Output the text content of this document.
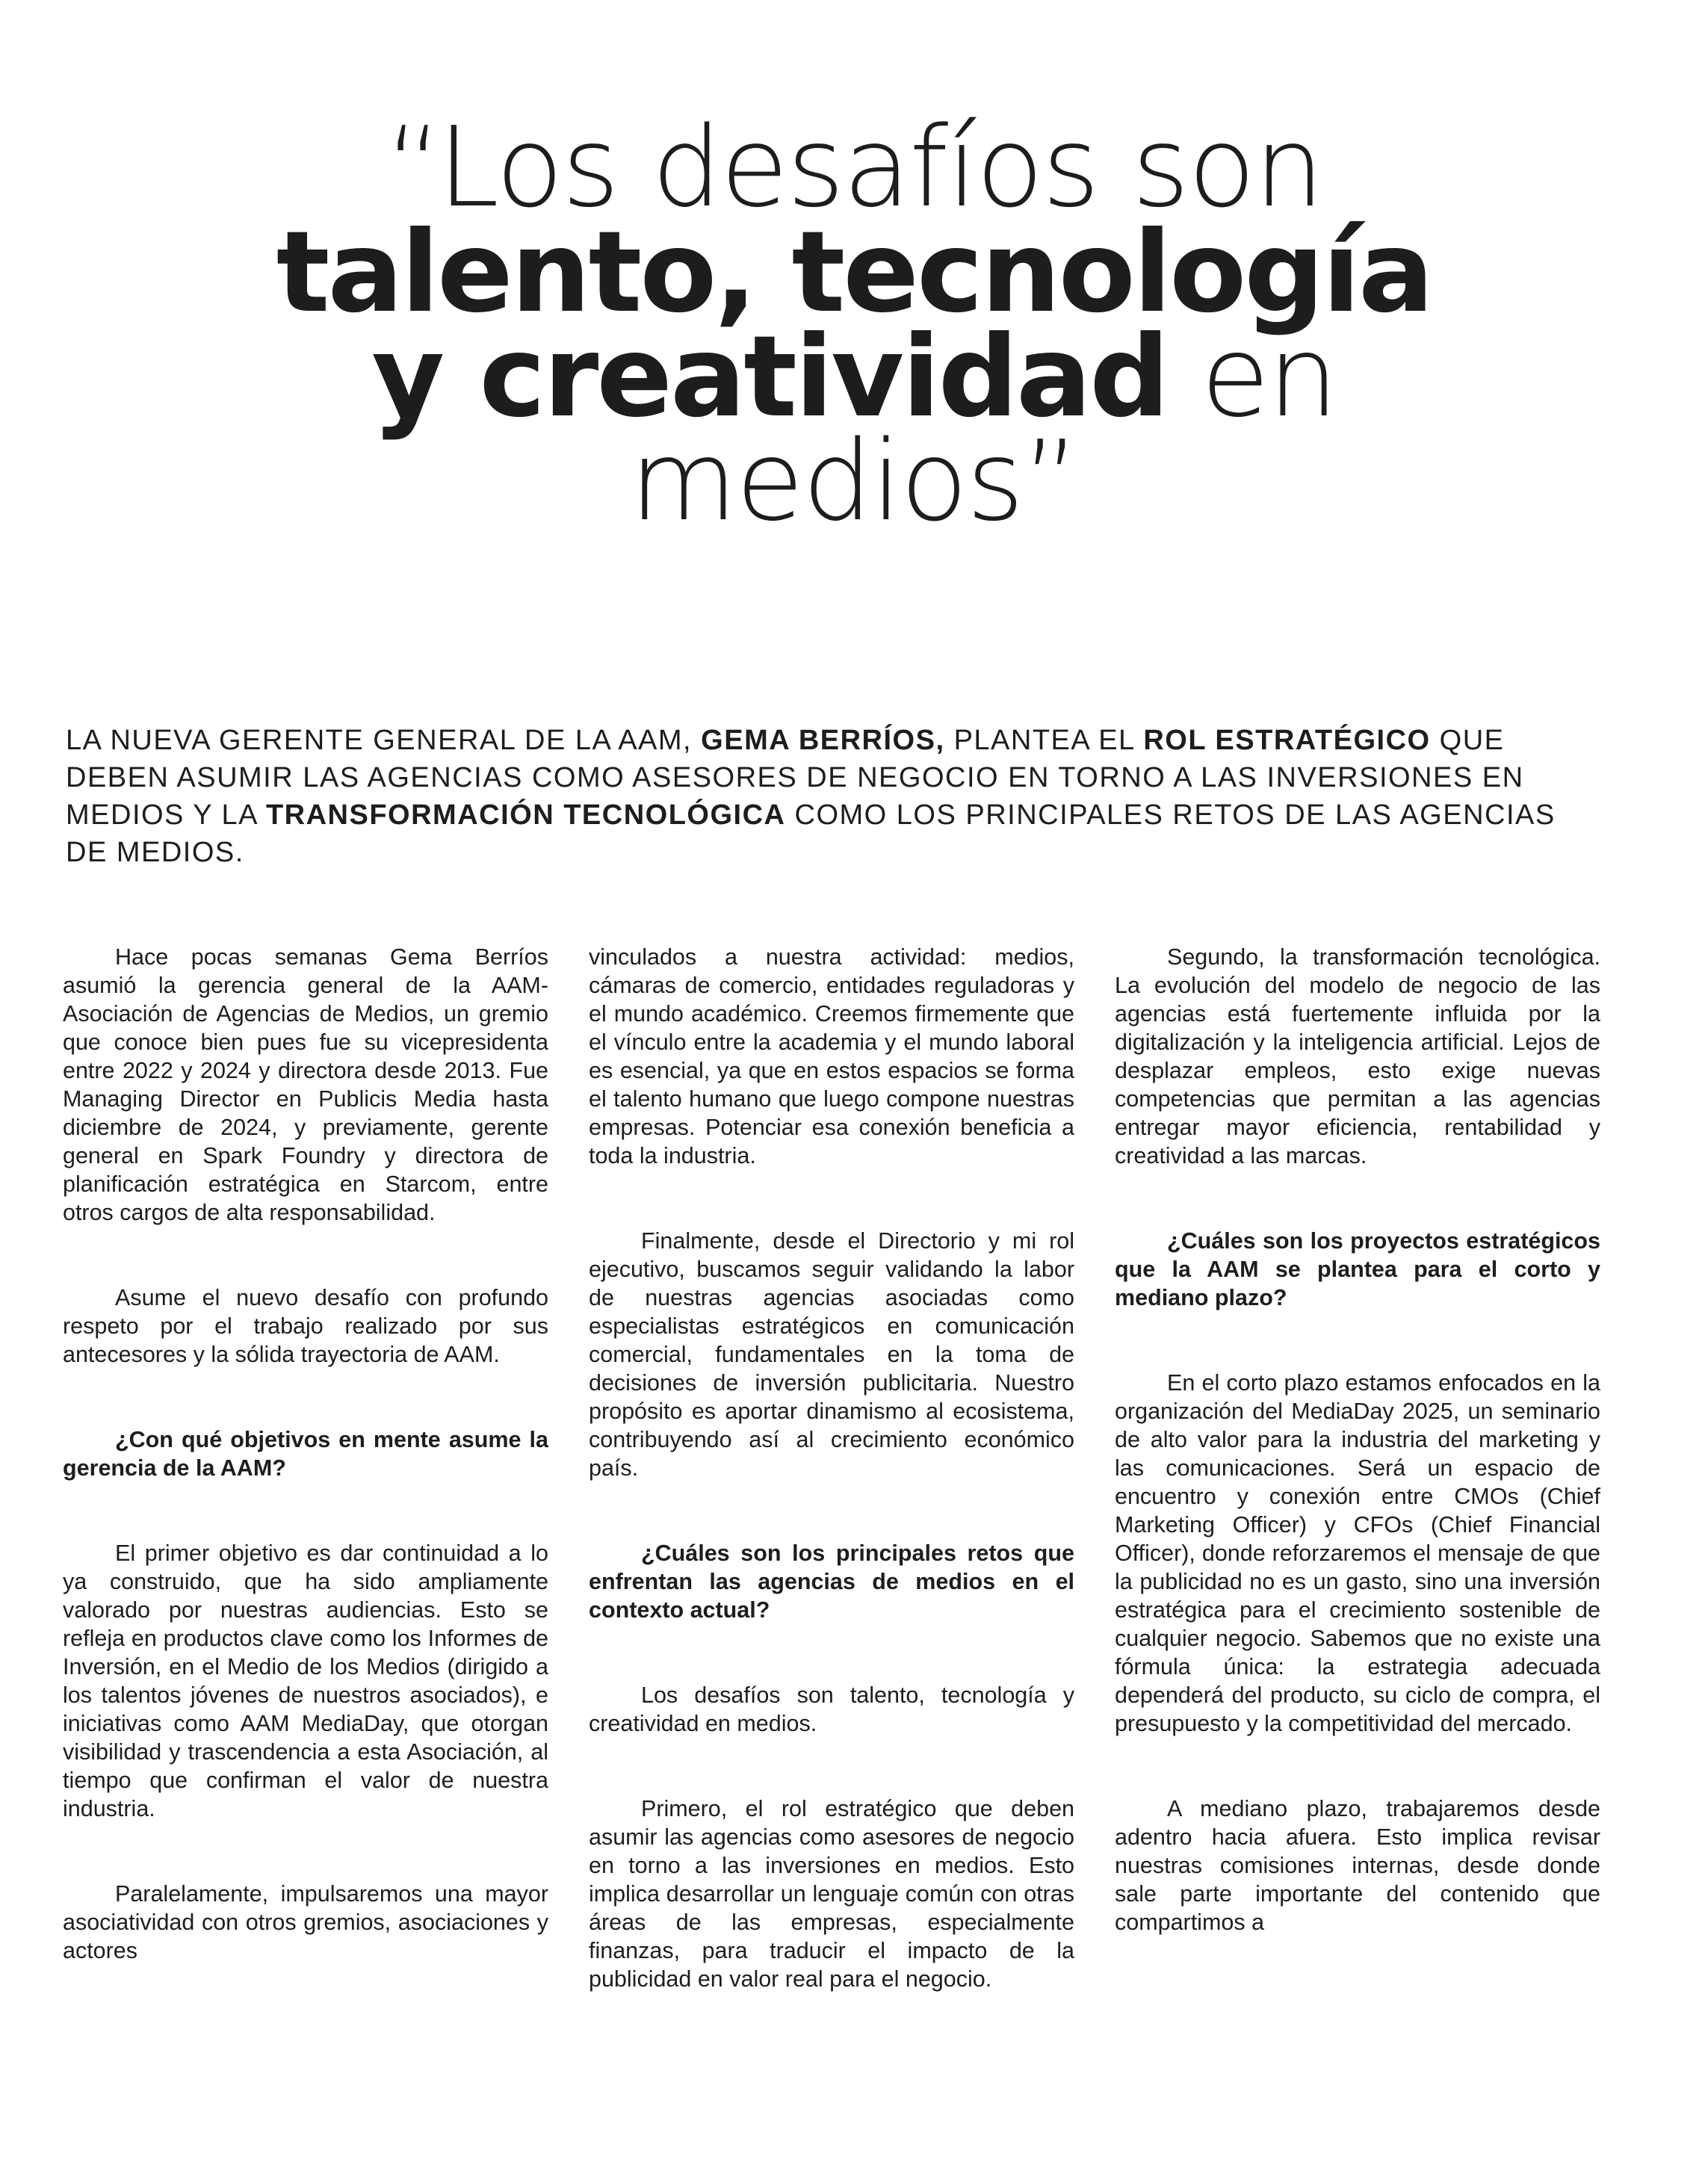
“Los desafíos son
talento, tecnología
y creatividad en
medios”
LA NUEVA GERENTE GENERAL DE LA AAM, GEMA BERRÍOS, PLANTEA EL ROL ESTRATÉGICO QUE DEBEN ASUMIR LAS AGENCIAS COMO ASESORES DE NEGOCIO EN TORNO A LAS INVERSIONES EN MEDIOS Y LA TRANSFORMACIÓN TECNOLÓGICA COMO LOS PRINCIPALES RETOS DE LAS AGENCIAS DE MEDIOS.

Hace pocas semanas Gema Berríos asumió la gerencia general de la AAM-Asociación de Agencias de Medios, un gremio que conoce bien pues fue su vicepresidenta entre 2022 y 2024 y directora desde 2013. Fue Managing Director en Publicis Media hasta diciembre de 2024, y previamente, gerente general en Spark Foundry y directora de planificación estratégica en Starcom, entre otros cargos de alta responsabilidad.

Asume el nuevo desafío con profundo respeto por el trabajo realizado por sus antecesores y la sólida trayectoria de AAM.

¿Con qué objetivos en mente asume la gerencia de la AAM?

El primer objetivo es dar continuidad a lo ya construido, que ha sido ampliamente valorado por nuestras audiencias. Esto se refleja en productos clave como los Informes de Inversión, en el Medio de los Medios (dirigido a los talentos jóvenes de nuestros asociados), e iniciativas como AAM MediaDay, que otorgan visibilidad y trascendencia a esta Asociación, al tiempo que confirman el valor de nuestra industria.

Paralelamente, impulsaremos una mayor asociatividad con otros gremios, asociaciones y actores

vinculados a nuestra actividad: medios, cámaras de comercio, entidades reguladoras y el mundo académico. Creemos firmemente que el vínculo entre la academia y el mundo laboral es esencial, ya que en estos espacios se forma el talento humano que luego compone nuestras empresas. Potenciar esa conexión beneficia a toda la industria.

Finalmente, desde el Directorio y mi rol ejecutivo, buscamos seguir validando la labor de nuestras agencias asociadas como especialistas estratégicos en comunicación comercial, fundamentales en la toma de decisiones de inversión publicitaria. Nuestro propósito es aportar dinamismo al ecosistema, contribuyendo así al crecimiento económico país.

¿Cuáles son los principales retos que enfrentan las agencias de medios en el contexto actual?

Los desafíos son talento, tecnología y creatividad en medios.

Primero, el rol estratégico que deben asumir las agencias como asesores de negocio en torno a las inversiones en medios. Esto implica desarrollar un lenguaje común con otras áreas de las empresas, especialmente finanzas, para traducir el impacto de la publicidad en valor real para el negocio.

Segundo, la transformación tecnológica. La evolución del modelo de negocio de las agencias está fuertemente influida por la digitalización y la inteligencia artificial. Lejos de desplazar empleos, esto exige nuevas competencias que permitan a las agencias entregar mayor eficiencia, rentabilidad y creatividad a las marcas.

¿Cuáles son los proyectos estratégicos que la AAM se plantea para el corto y mediano plazo?

En el corto plazo estamos enfocados en la organización del MediaDay 2025, un seminario de alto valor para la industria del marketing y las comunicaciones. Será un espacio de encuentro y conexión entre CMOs (Chief Marketing Officer) y CFOs (Chief Financial Officer), donde reforzaremos el mensaje de que la publicidad no es un gasto, sino una inversión estratégica para el crecimiento sostenible de cualquier negocio. Sabemos que no existe una fórmula única: la estrategia adecuada dependerá del producto, su ciclo de compra, el presupuesto y la competitividad del mercado.

A mediano plazo, trabajaremos desde adentro hacia afuera. Esto implica revisar nuestras comisiones internas, desde donde sale parte importante del contenido que compartimos a
